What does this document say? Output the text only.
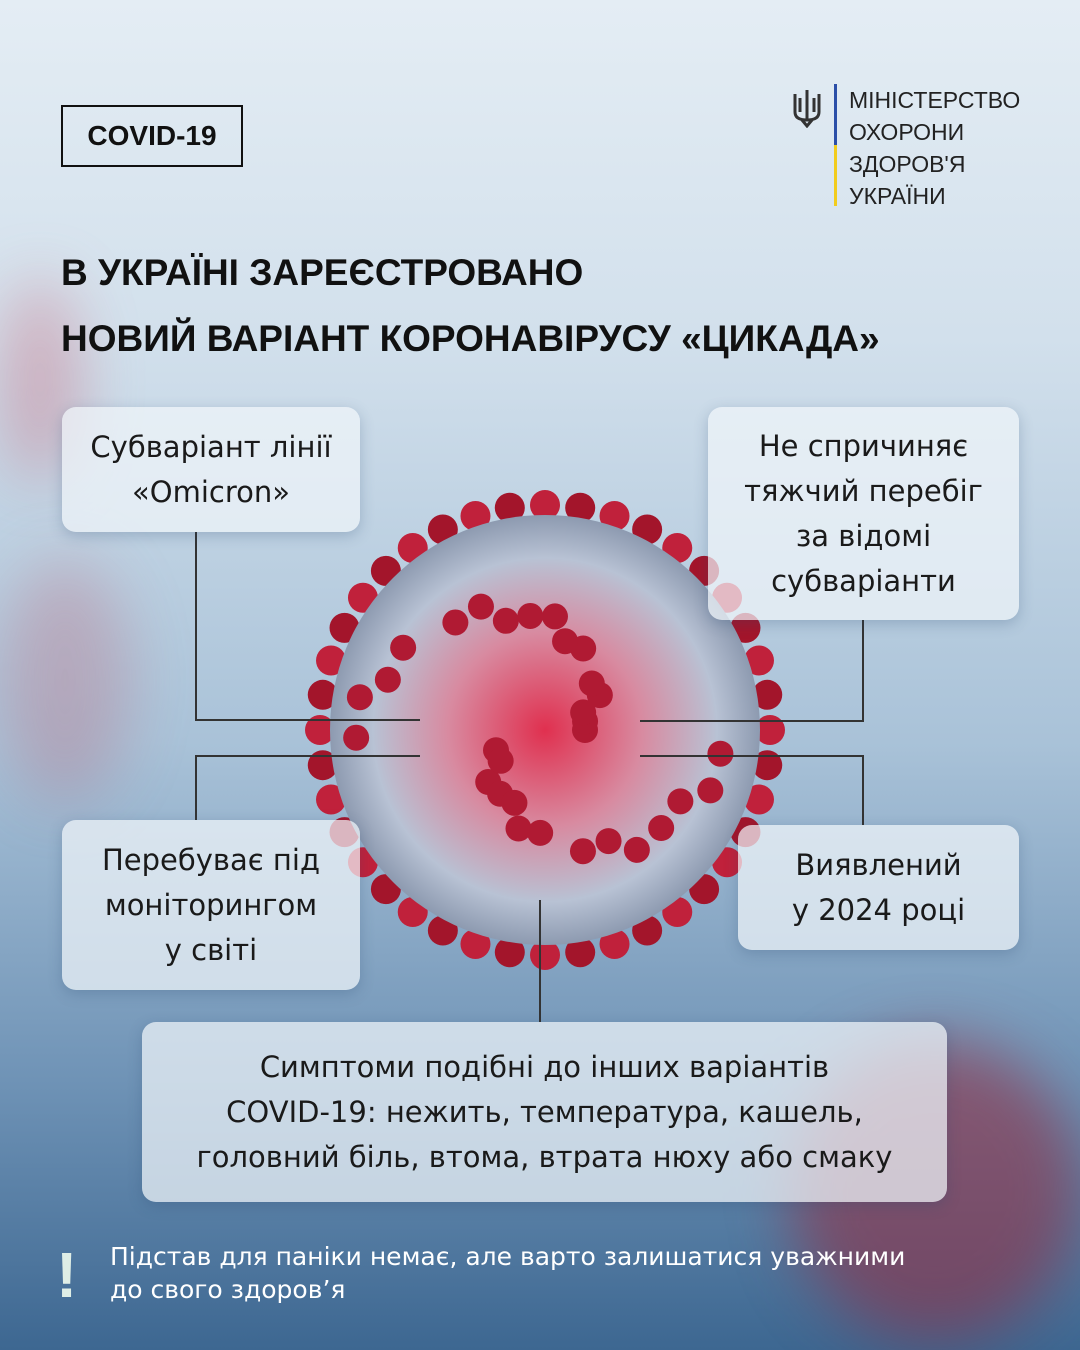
COVID-19
МІНІСТЕРСТВО
ОХОРОНИ
ЗДОРОВ'Я
УКРАЇНИ
В УКРАЇНІ ЗАРЕЄСТРОВАНО
НОВИЙ ВАРІАНТ КОРОНАВІРУСУ «ЦИКАДА»
Субваріант лінії
«Omicron»
Не спричиняє
тяжчий перебіг
за відомі
субваріанти
Перебуває під
моніторингом
у світі
Виявлений
у 2024 році
Симптоми подібні до інших варіантів
COVID-19: нежить, температура, кашель,
головний біль, втома, втрата нюху або смаку
! Підстав для паніки немає, але варто залишатися уважними
до свого здоров’я
